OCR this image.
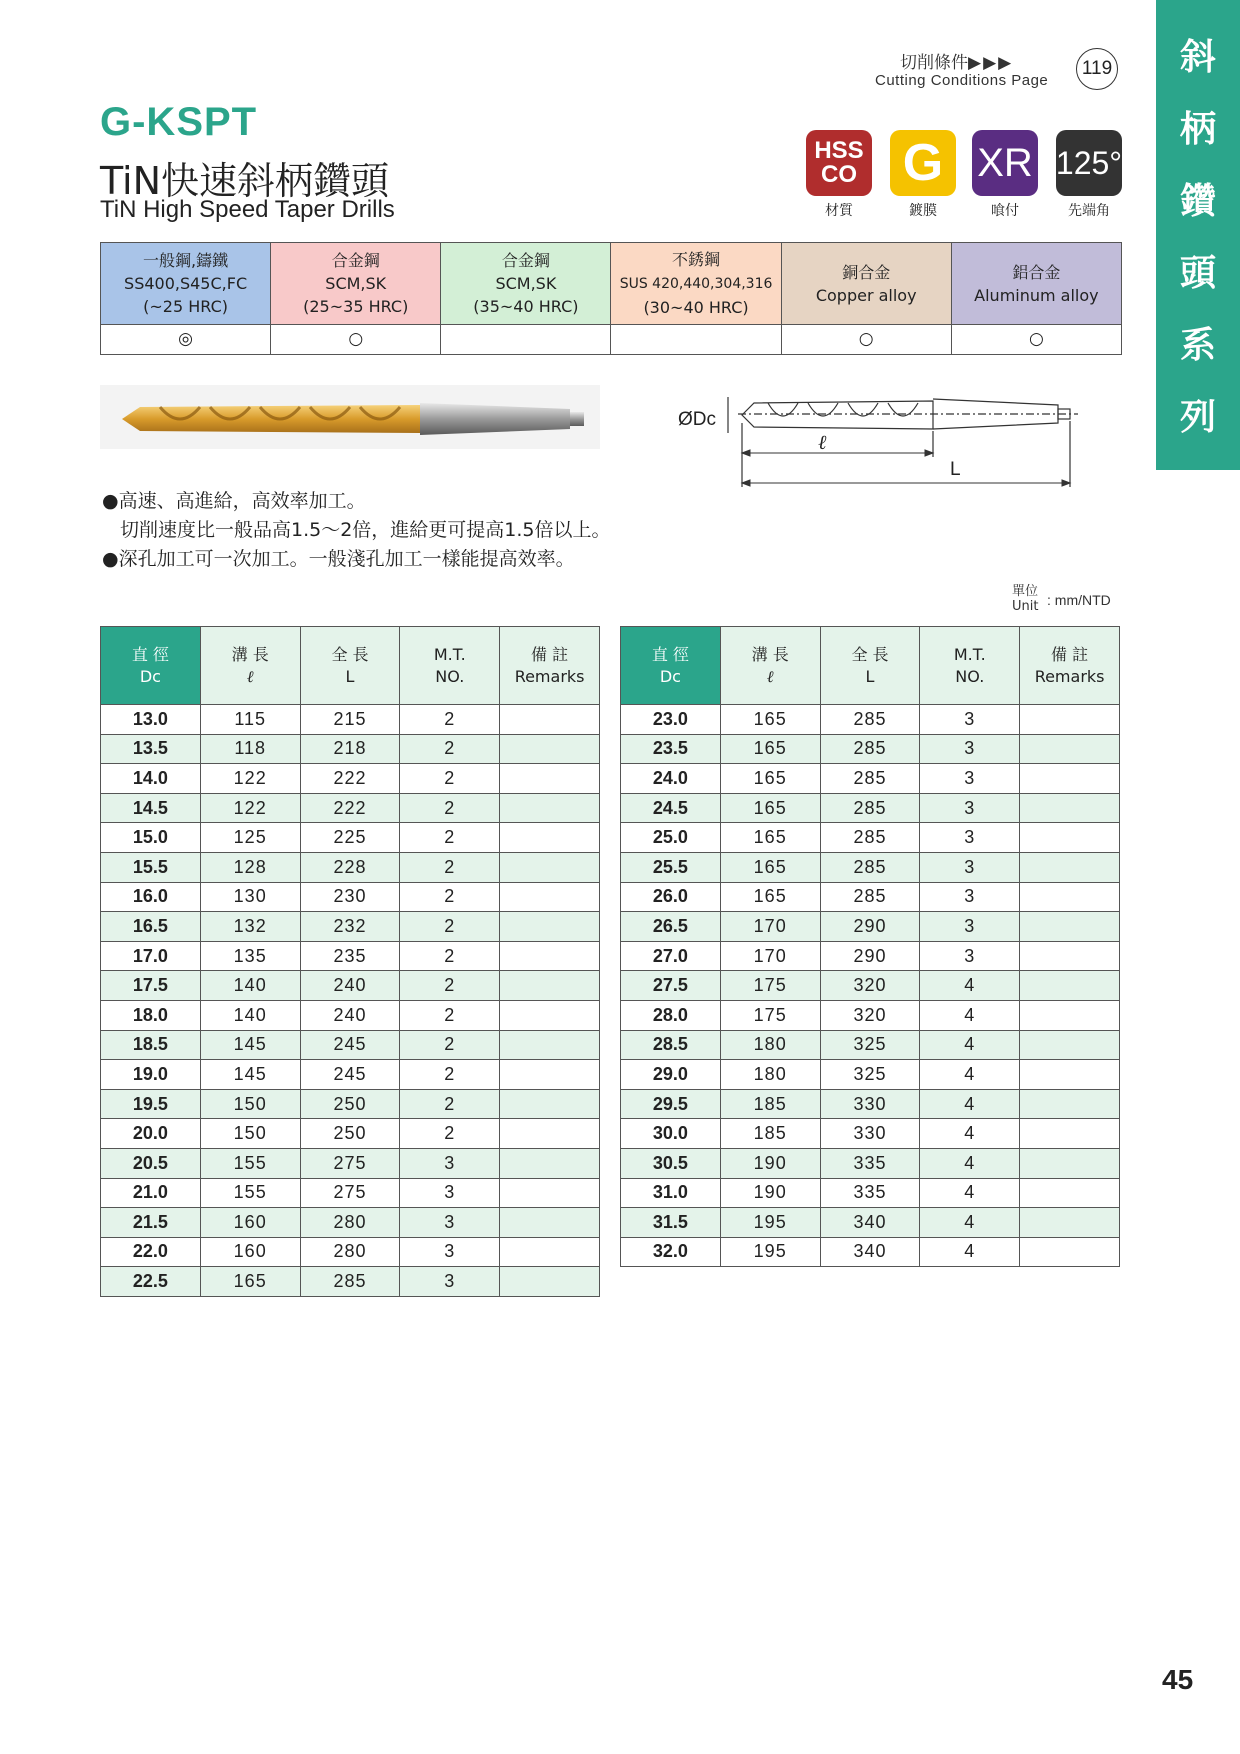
斜
柄
鑽
頭
系
列
G-KSPT
TiN快速斜柄鑽頭
TiN High Speed Taper Drills
切削條件▶▶▶
Cutting Conditions Page
119
HSS
CO
材質
G
鍍膜
XR
喰付
125°
先端角
一般鋼,鑄鐵
SS400,S45C,FC
(~25 HRC)	合金鋼
SCM,SK
(25~35 HRC)	合金鋼
SCM,SK
(35~40 HRC)	不銹鋼
SUS 420,440,304,316
(30~40 HRC)	銅合金
Copper alloy	鋁合金
Aluminum alloy
◎	○			○	○
ØDc
ℓ
L
●高速、高進給，高效率加工。
切削速度比一般品高1.5～2倍，進給更可提高1.5倍以上。
●深孔加工可一次加工。一般淺孔加工一樣能提高效率。
單位
Unit : mm/NTD
直 徑
Dc	溝 長
ℓ	全 長
L	M.T.
NO.	備 註
Remarks
13.0	115	215	2	
13.5	118	218	2	
14.0	122	222	2	
14.5	122	222	2	
15.0	125	225	2	
15.5	128	228	2	
16.0	130	230	2	
16.5	132	232	2	
17.0	135	235	2	
17.5	140	240	2	
18.0	140	240	2	
18.5	145	245	2	
19.0	145	245	2	
19.5	150	250	2	
20.0	150	250	2	
20.5	155	275	3	
21.0	155	275	3	
21.5	160	280	3	
22.0	160	280	3	
22.5	165	285	3	
直 徑
Dc	溝 長
ℓ	全 長
L	M.T.
NO.	備 註
Remarks
23.0	165	285	3	
23.5	165	285	3	
24.0	165	285	3	
24.5	165	285	3	
25.0	165	285	3	
25.5	165	285	3	
26.0	165	285	3	
26.5	170	290	3	
27.0	170	290	3	
27.5	175	320	4	
28.0	175	320	4	
28.5	180	325	4	
29.0	180	325	4	
29.5	185	330	4	
30.0	185	330	4	
30.5	190	335	4	
31.0	190	335	4	
31.5	195	340	4	
32.0	195	340	4	
45
